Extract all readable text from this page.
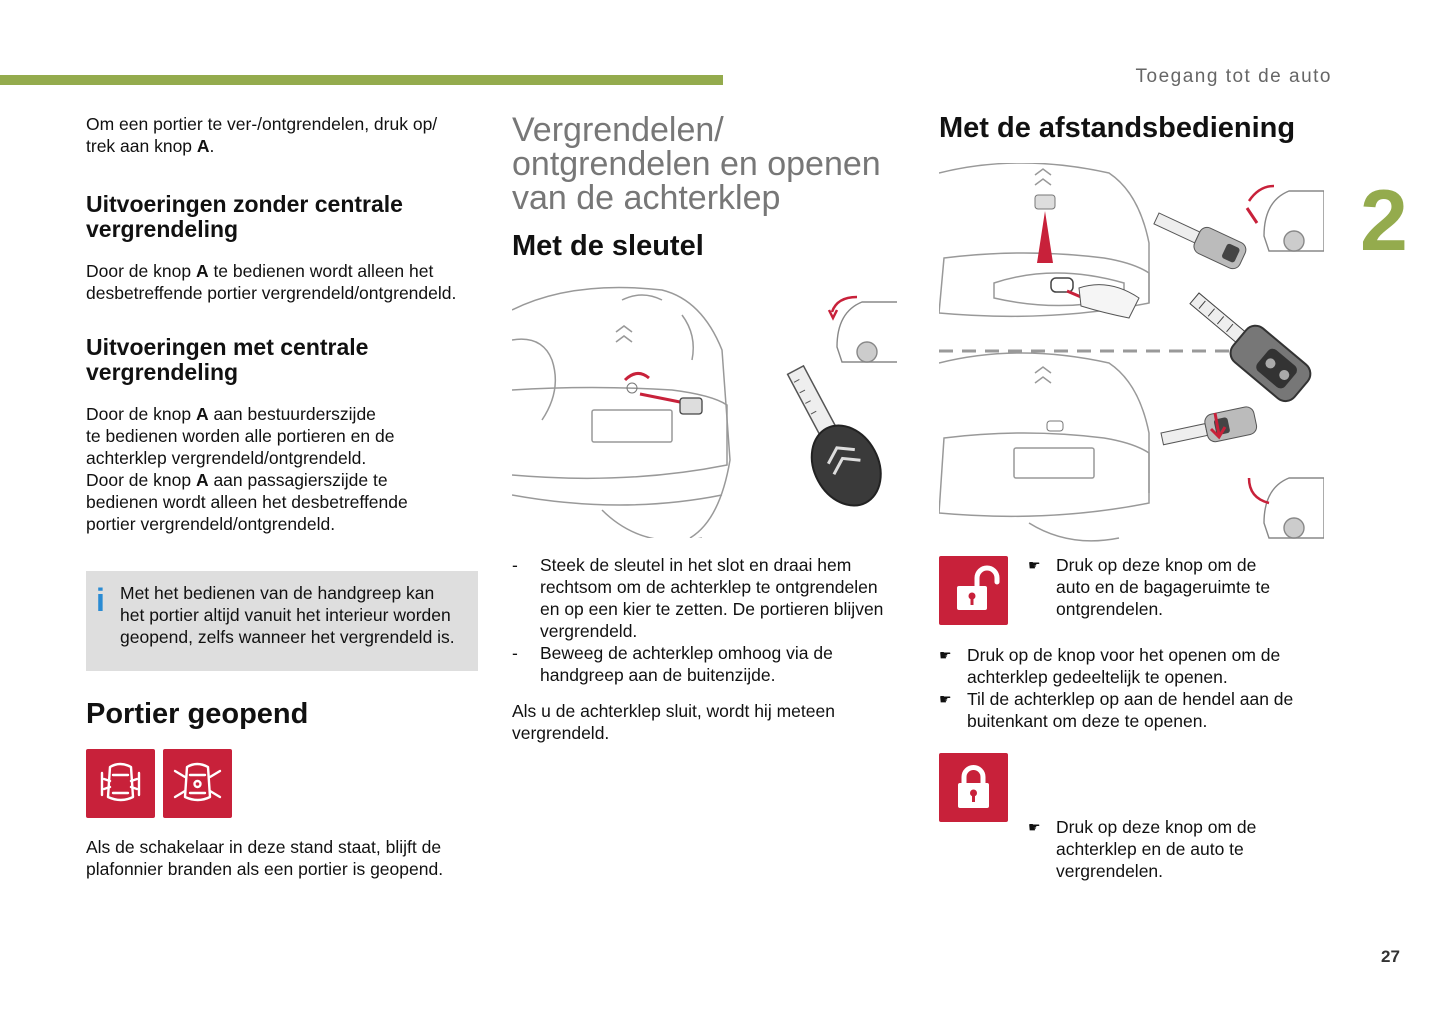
Toegang tot de auto
2
27

Om een portier te ver-/ontgrendelen, druk op/
trek aan knop A.

Uitvoeringen zonder centrale
vergrendeling

Door de knop A te bedienen wordt alleen het
desbetreffende portier vergrendeld/ontgrendeld.

Uitvoeringen met centrale
vergrendeling

Door de knop A aan bestuurderszijde
te bedienen worden alle portieren en de
achterklep vergrendeld/ontgrendeld.
Door de knop A aan passagierszijde te
bedienen wordt alleen het desbetreffende
portier vergrendeld/ontgrendeld.

i Met het bedienen van de handgreep kan
het portier altijd vanuit het interieur worden
geopend, zelfs wanneer het vergrendeld is.
Portier geopend

Als de schakelaar in deze stand staat, blijft de
plafonnier branden als een portier is geopend.

Vergrendelen/
ontgrendelen en openen
van de achterklep
Met de sleutel
- Steek de sleutel in het slot en draai hem
rechtsom om de achterklep te ontgrendelen
en op een kier te zetten. De portieren blijven
vergrendeld.
- Beweeg de achterklep omhoog via de
handgreep aan de buitenzijde.

Als u de achterklep sluit, wordt hij meteen
vergrendeld.

Met de afstandsbediening
☛ Druk op deze knop om de
auto en de bagageruimte te
ontgrendelen.
☛ Druk op de knop voor het openen om de
achterklep gedeeltelijk te openen.
☛ Til de achterklep op aan de hendel aan de
buitenkant om deze te openen.
☛ Druk op deze knop om de
achterklep en de auto te
vergrendelen.
